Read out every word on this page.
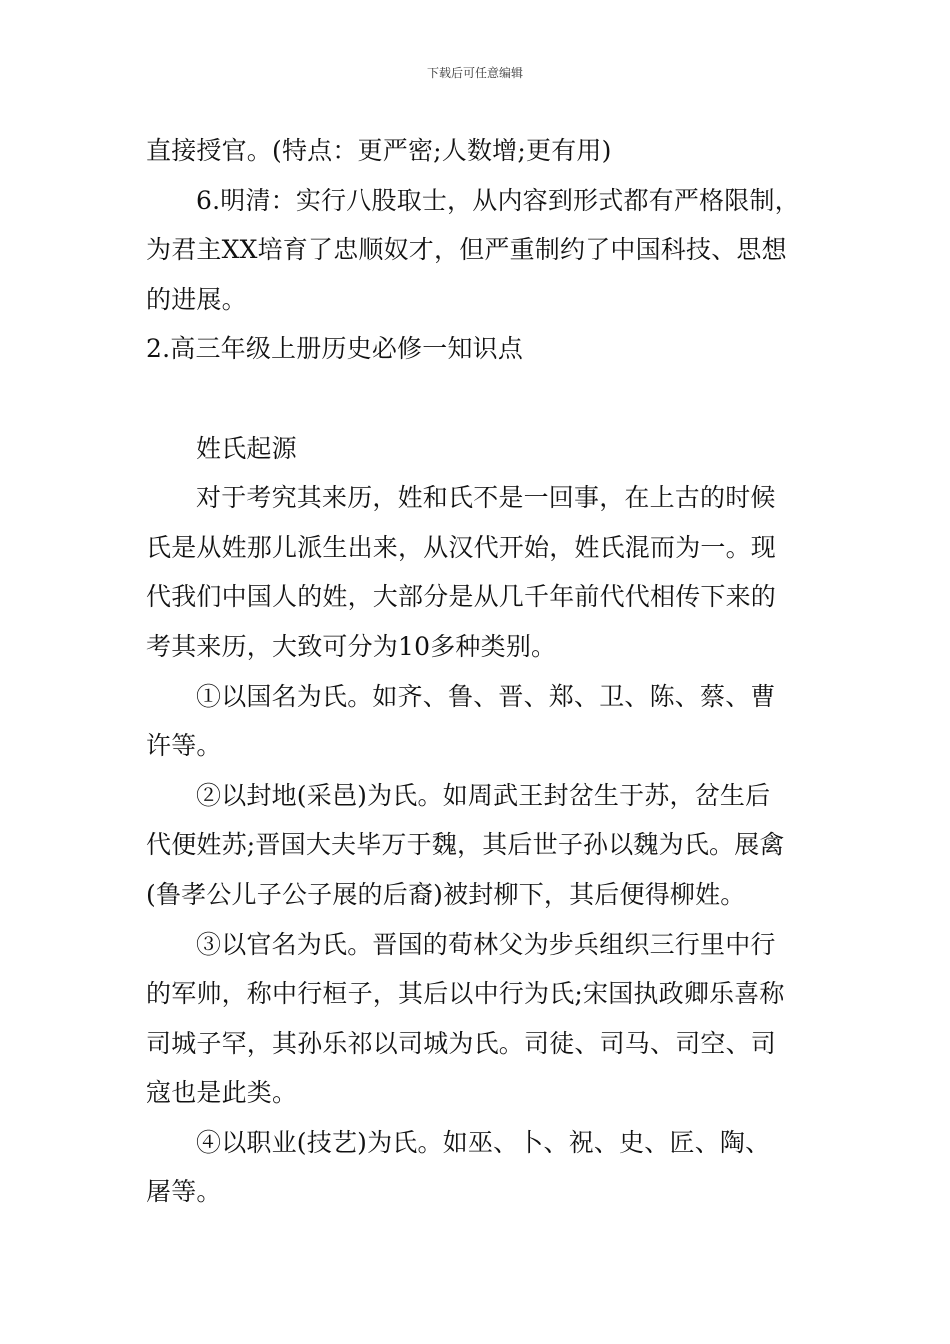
下载后可任意编辑
直接授官。(特点：更严密;人数增;更有用)
6.明清：实行八股取士，从内容到形式都有严格限制，
为君主XX培育了忠顺奴才，但严重制约了中国科技、思想
的进展。
2.高三年级上册历史必修一知识点
姓氏起源
对于考究其来历，姓和氏不是一回事，在上古的时候
氏是从姓那儿派生出来，从汉代开始，姓氏混而为一。现
代我们中国人的姓，大部分是从几千年前代代相传下来的
考其来历，大致可分为10多种类别。
①以国名为氏。如齐、鲁、晋、郑、卫、陈、蔡、曹
许等。
②以封地(采邑)为氏。如周武王封岔生于苏，岔生后
代便姓苏;晋国大夫毕万于魏，其后世子孙以魏为氏。展禽
(鲁孝公儿子公子展的后裔)被封柳下，其后便得柳姓。
③以官名为氏。晋国的荀林父为步兵组织三行里中行
的军帅，称中行桓子，其后以中行为氏;宋国执政卿乐喜称
司城子罕，其孙乐祁以司城为氏。司徒、司马、司空、司
寇也是此类。
④以职业(技艺)为氏。如巫、卜、祝、史、匠、陶、
屠等。
